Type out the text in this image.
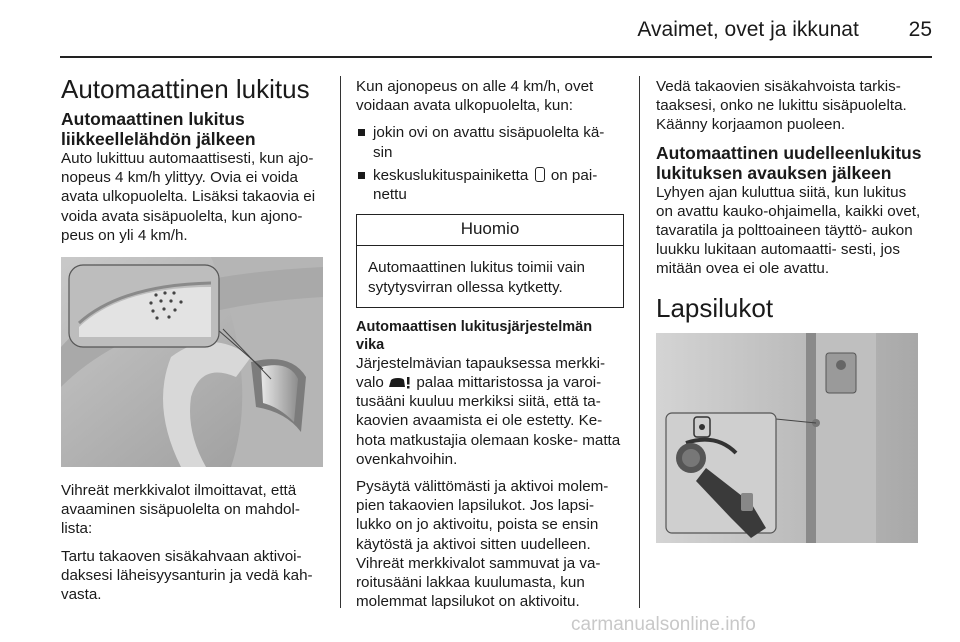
Avaimet, ovet ja ikkunat 25
Automaattinen lukitus
Automaattinen lukitus liikkeellelähdön jälkeen

Auto lukittuu automaattisesti, kun ajo- nopeus 4 km/h ylittyy. Ovia ei voida avata ulkopuolelta. Lisäksi takaovia ei voida avata sisäpuolelta, kun ajono- peus on yli 4 km/h.

Vihreät merkkivalot ilmoittavat, että avaaminen sisäpuolelta on mahdol- lista:

Tartu takaoven sisäkahvaan aktivoi- daksesi läheisyysanturin ja vedä kah- vasta.

Kun ajonopeus on alle 4 km/h, ovet voidaan avata ulkopuolelta, kun:

jokin ovi on avattu sisäpuolelta kä- sin
keskuslukituspainiketta on pai- nettu
Huomio
Automaattinen lukitus toimii vain sytytysvirran ollessa kytketty.
Automaattisen lukitusjärjestelmän vika

Järjestelmävian tapauksessa merkki- valo palaa mittaristossa ja varoi- tusääni kuuluu merkiksi siitä, että ta- kaovien avaamista ei ole estetty. Ke- hota matkustajia olemaan koske- matta ovenkahvoihin.

Pysäytä välittömästi ja aktivoi molem- pien takaovien lapsilukot. Jos lapsi- lukko on jo aktivoitu, poista se ensin käytöstä ja aktivoi sitten uudelleen. Vihreät merkkivalot sammuvat ja va- roitusääni lakkaa kuulumasta, kun molemmat lapsilukot on aktivoitu.

Vedä takaovien sisäkahvoista tarkis- taaksesi, onko ne lukittu sisäpuolelta. Käänny korjaamon puoleen.

Automaattinen uudelleenlukitus lukituksen avauksen jälkeen

Lyhyen ajan kuluttua siitä, kun lukitus on avattu kauko-ohjaimella, kaikki ovet, tavaratila ja polttoaineen täyttö- aukon luukku lukitaan automaatti- sesti, jos mitään ovea ei ole avattu.

Lapsilukot
carmanualsonline.info
